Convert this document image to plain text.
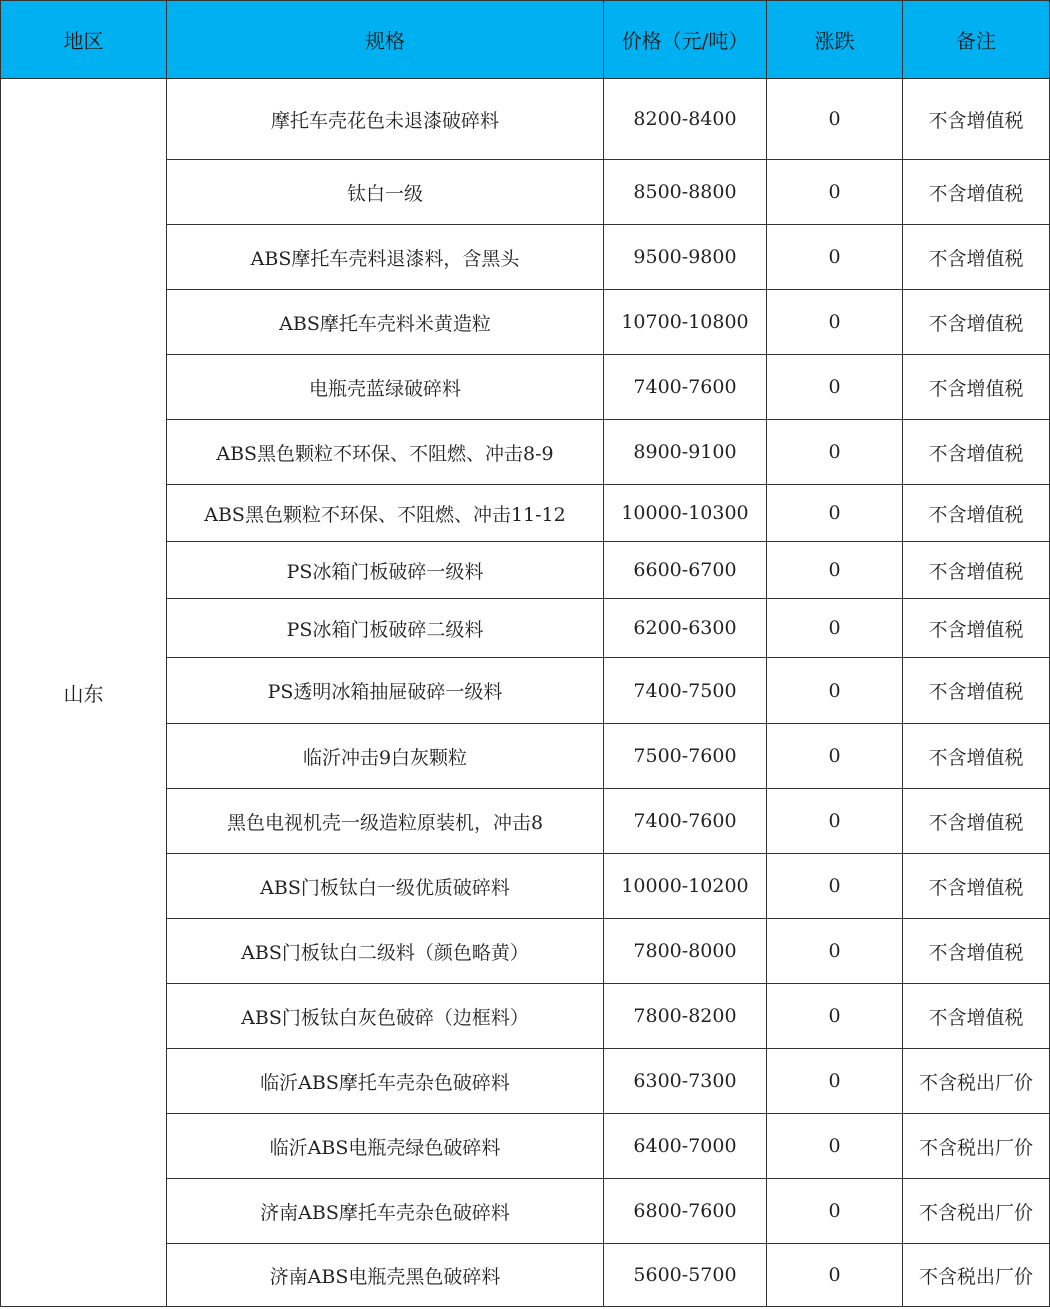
地区	规格	价格（元/吨）	涨跌	备注
山东	摩托车壳花色未退漆破碎料	8200-8400	0	不含增值税
	钛白一级	8500-8800	0	不含增值税
	ABS摩托车壳料退漆料，含黑头	9500-9800	0	不含增值税
	ABS摩托车壳料米黄造粒	10700-10800	0	不含增值税
	电瓶壳蓝绿破碎料	7400-7600	0	不含增值税
	ABS黑色颗粒不环保、不阻燃、冲击8-9	8900-9100	0	不含增值税
	ABS黑色颗粒不环保、不阻燃、冲击11-12	10000-10300	0	不含增值税
	PS冰箱门板破碎一级料	6600-6700	0	不含增值税
	PS冰箱门板破碎二级料	6200-6300	0	不含增值税
	PS透明冰箱抽屉破碎一级料	7400-7500	0	不含增值税
	临沂冲击9白灰颗粒	7500-7600	0	不含增值税
	黑色电视机壳一级造粒原装机，冲击8	7400-7600	0	不含增值税
	ABS门板钛白一级优质破碎料	10000-10200	0	不含增值税
	ABS门板钛白二级料（颜色略黄）	7800-8000	0	不含增值税
	ABS门板钛白灰色破碎（边框料）	7800-8200	0	不含增值税
	临沂ABS摩托车壳杂色破碎料	6300-7300	0	不含税出厂价
	临沂ABS电瓶壳绿色破碎料	6400-7000	0	不含税出厂价
	济南ABS摩托车壳杂色破碎料	6800-7600	0	不含税出厂价
	济南ABS电瓶壳黑色破碎料	5600-5700	0	不含税出厂价
